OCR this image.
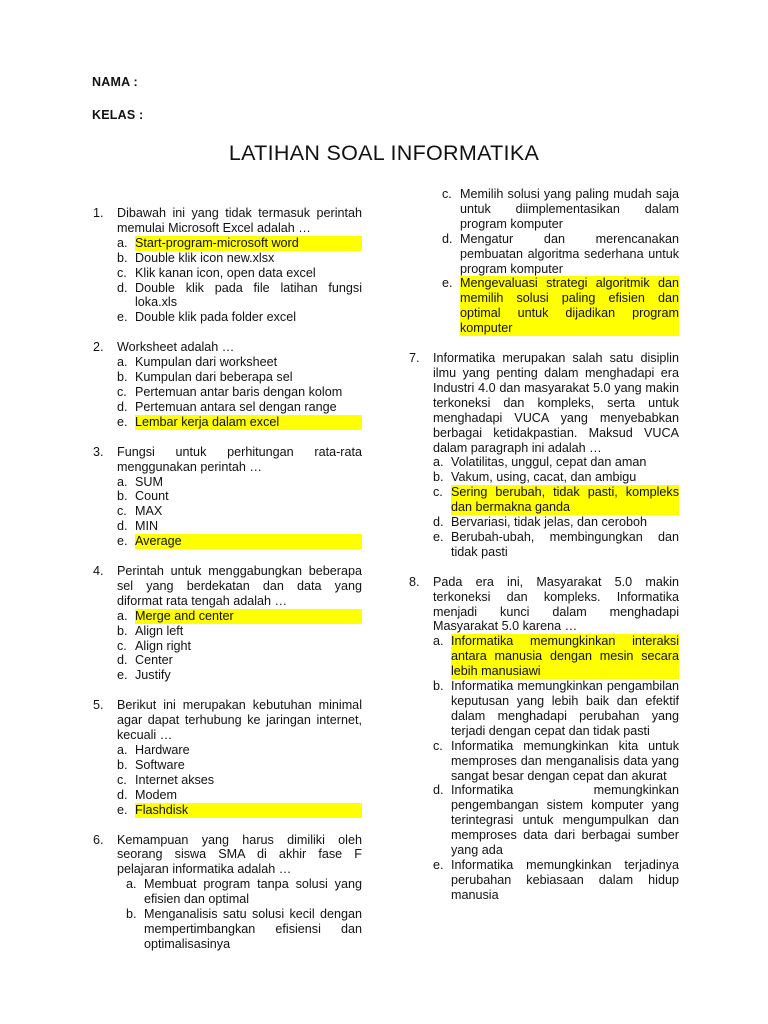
NAMA :
KELAS :
LATIHAN SOAL INFORMATIKA
1.	Dibawah ini yang tidak termasuk perintah memulai Microsoft Excel adalah …
a. Start-program-microsoft word
b. Double klik icon new.xlsx
c. Klik kanan icon, open data excel
d. Double klik pada file latihan fungsi loka.xls
e. Double klik pada folder excel
2.	Worksheet adalah …
a. Kumpulan dari worksheet
b. Kumpulan dari beberapa sel
c. Pertemuan antar baris dengan kolom
d. Pertemuan antara sel dengan range
e. Lembar kerja dalam excel
3.	Fungsi untuk perhitungan rata-rata menggunakan perintah …
a. SUM
b. Count
c. MAX
d. MIN
e. Average
4.	Perintah untuk menggabungkan beberapa sel yang berdekatan dan data yang diformat rata tengah adalah …
a. Merge and center
b. Align left
c. Align right
d. Center
e. Justify
5.	Berikut ini merupakan kebutuhan minimal agar dapat terhubung ke jaringan internet, kecuali …
a. Hardware
b. Software
c. Internet akses
d. Modem
e. Flashdisk
6.	Kemampuan yang harus dimiliki oleh seorang siswa SMA di akhir fase F pelajaran informatika adalah …
a. Membuat program tanpa solusi yang efisien dan optimal
b. Menganalisis satu solusi kecil dengan mempertimbangkan efisiensi dan optimalisasinya
c. Memilih solusi yang paling mudah saja untuk diimplementasikan dalam program komputer
d. Mengatur dan merencanakan pembuatan algoritma sederhana untuk program komputer
e. Mengevaluasi strategi algoritmik dan memilih solusi paling efisien dan optimal untuk dijadikan program komputer
7.	Informatika merupakan salah satu disiplin ilmu yang penting dalam menghadapi era Industri 4.0 dan masyarakat 5.0 yang makin terkoneksi dan kompleks, serta untuk menghadapi VUCA yang menyebabkan berbagai ketidakpastian. Maksud VUCA dalam paragraph ini adalah …
a. Volatilitas, unggul, cepat dan aman
b. Vakum, using, cacat, dan ambigu
c. Sering berubah, tidak pasti, kompleks dan bermakna ganda
d. Bervariasi, tidak jelas, dan ceroboh
e. Berubah-ubah, membingungkan dan tidak pasti
8.	Pada era ini, Masyarakat 5.0 makin terkoneksi dan kompleks. Informatika menjadi kunci dalam menghadapi Masyarakat 5.0 karena …
a. Informatika memungkinkan interaksi antara manusia dengan mesin secara lebih manusiawi
b. Informatika memungkinkan pengambilan keputusan yang lebih baik dan efektif dalam menghadapi perubahan yang terjadi dengan cepat dan tidak pasti
c. Informatika memungkinkan kita untuk memproses dan menganalisis data yang sangat besar dengan cepat dan akurat
d. Informatika memungkinkan pengembangan sistem komputer yang terintegrasi untuk mengumpulkan dan memproses data dari berbagai sumber yang ada
e. Informatika memungkinkan terjadinya perubahan kebiasaan dalam hidup manusia
